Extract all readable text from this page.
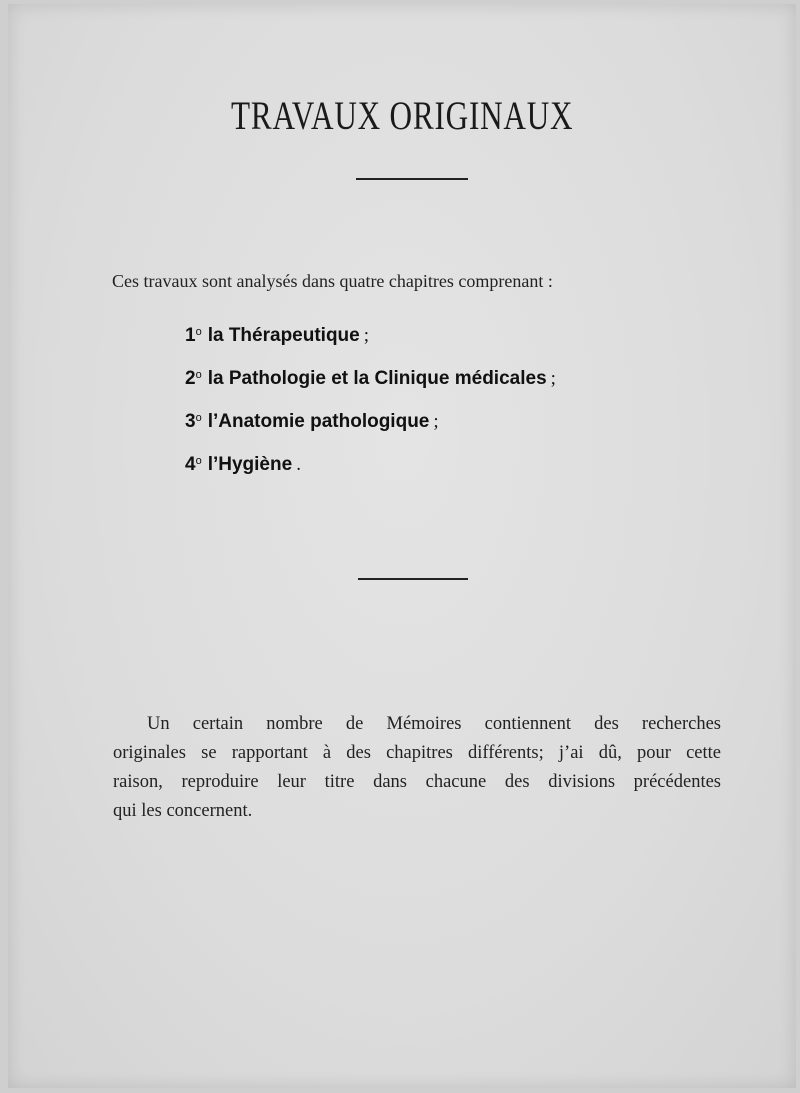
TRAVAUX ORIGINAUX
Ces travaux sont analysés dans quatre chapitres comprenant :
1$^o$ la Thérapeutique ;
2$^o$ la Pathologie et la Clinique médicales ;
3$^o$ l’Anatomie pathologique ;
4$^o$ l’Hygiène .
Un certain nombre de Mémoires contiennent des recherches
originales se rapportant à des chapitres différents; j’ai dû, pour cette
raison, reproduire leur titre dans chacune des divisions précédentes
qui les concernent.
